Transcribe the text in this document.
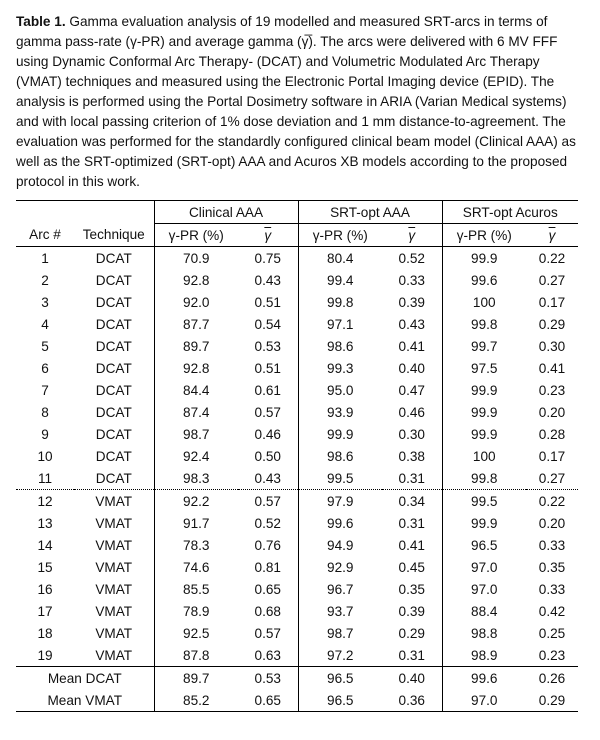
Table 1. Gamma evaluation analysis of 19 modelled and measured SRT-arcs in terms of gamma pass-rate (γ-PR) and average gamma (γ̅). The arcs were delivered with 6 MV FFF using Dynamic Conformal Arc Therapy- (DCAT) and Volumetric Modulated Arc Therapy (VMAT) techniques and measured using the Electronic Portal Imaging device (EPID). The analysis is performed using the Portal Dosimetry software in ARIA (Varian Medical systems) and with local passing criterion of 1% dose deviation and 1 mm distance-to-agreement. The evaluation was performed for the standardly configured clinical beam model (Clinical AAA) as well as the SRT-optimized (SRT-opt) AAA and Acuros XB models according to the proposed protocol in this work.

		Clinical AAA		SRT-opt AAA		SRT-opt Acuros	
Arc #	Technique	γ-PR (%)	$\overline{\gamma}$	γ-PR (%)	$\overline{\gamma}$	γ-PR (%)	$\overline{\gamma}$
1	DCAT	70.9	0.75	80.4	0.52	99.9	0.22
2	DCAT	92.8	0.43	99.4	0.33	99.6	0.27
3	DCAT	92.0	0.51	99.8	0.39	100	0.17
4	DCAT	87.7	0.54	97.1	0.43	99.8	0.29
5	DCAT	89.7	0.53	98.6	0.41	99.7	0.30
6	DCAT	92.8	0.51	99.3	0.40	97.5	0.41
7	DCAT	84.4	0.61	95.0	0.47	99.9	0.23
8	DCAT	87.4	0.57	93.9	0.46	99.9	0.20
9	DCAT	98.7	0.46	99.9	0.30	99.9	0.28
10	DCAT	92.4	0.50	98.6	0.38	100	0.17
11	DCAT	98.3	0.43	99.5	0.31	99.8	0.27
12	VMAT	92.2	0.57	97.9	0.34	99.5	0.22
13	VMAT	91.7	0.52	99.6	0.31	99.9	0.20
14	VMAT	78.3	0.76	94.9	0.41	96.5	0.33
15	VMAT	74.6	0.81	92.9	0.45	97.0	0.35
16	VMAT	85.5	0.65	96.7	0.35	97.0	0.33
17	VMAT	78.9	0.68	93.7	0.39	88.4	0.42
18	VMAT	92.5	0.57	98.7	0.29	98.8	0.25
19	VMAT	87.8	0.63	97.2	0.31	98.9	0.23
Mean DCAT		89.7	0.53	96.5	0.40	99.6	0.26
Mean VMAT		85.2	0.65	96.5	0.36	97.0	0.29
